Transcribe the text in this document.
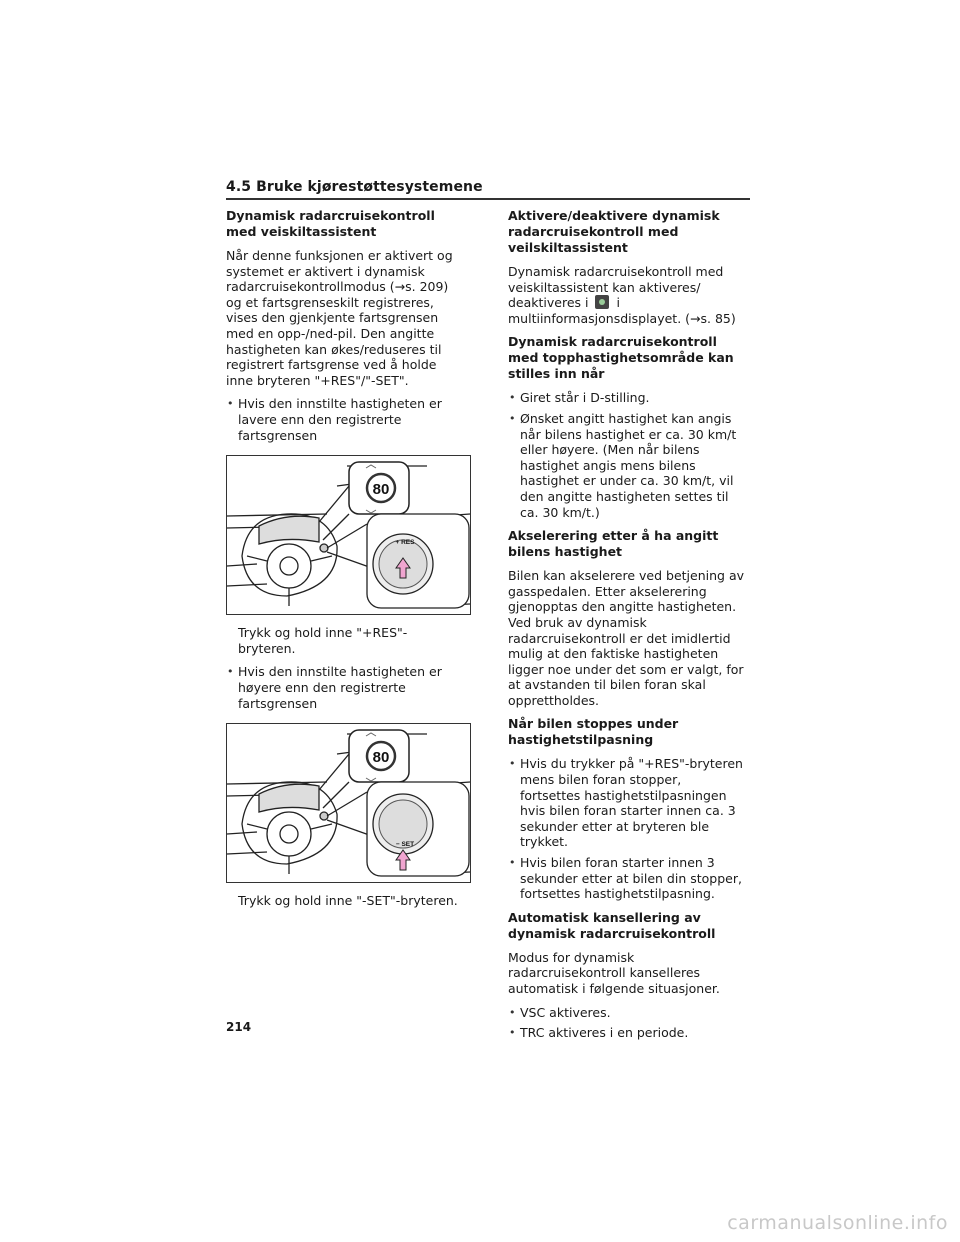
4.5 Bruke kjørestøttesystemene
Dynamisk radarcruisekontroll med veiskiltassistent

Når denne funksjonen er aktivert og systemet er aktivert i dynamisk radarcruisekontrollmodus (→s. 209) og et fartsgrenseskilt registreres, vises den gjenkjente fartsgrensen med en opp-/ned-pil. Den angitte hastigheten kan økes/reduseres til registrert fartsgrense ved å holde inne bryteren "+RES"/"-SET".

• Hvis den innstilte hastigheten er lavere enn den registrerte fartsgrensen
80
+ RES

Trykk og hold inne "+RES"-bryteren.

• Hvis den innstilte hastigheten er høyere enn den registrerte fartsgrensen
80
− SET

Trykk og hold inne "-SET"-bryteren.

Aktivere/deaktivere dynamisk radarcruisekontroll med veilskiltassistent

Dynamisk radarcruisekontroll med veiskiltassistent kan aktiveres/ deaktiveres i i multiinformasjonsdisplayet. (→s. 85)

Dynamisk radarcruisekontroll med topphastighetsområde kan stilles inn når
• Giret står i D-stilling.
• Ønsket angitt hastighet kan angis når bilens hastighet er ca. 30 km/t eller høyere. (Men når bilens hastighet angis mens bilens hastighet er under ca. 30 km/t, vil den angitte hastigheten settes til ca. 30 km/t.)
Akselerering etter å ha angitt bilens hastighet

Bilen kan akselerere ved betjening av gasspedalen. Etter akselerering gjenopptas den angitte hastigheten. Ved bruk av dynamisk radarcruisekontroll er det imidlertid mulig at den faktiske hastigheten ligger noe under det som er valgt, for at avstanden til bilen foran skal opprettholdes.

Når bilen stoppes under hastighetstilpasning
• Hvis du trykker på "+RES"-bryteren mens bilen foran stopper, fortsettes hastighetstilpasningen hvis bilen foran starter innen ca. 3 sekunder etter at bryteren ble trykket.
• Hvis bilen foran starter innen 3 sekunder etter at bilen din stopper, fortsettes hastighetstilpasning.
Automatisk kansellering av dynamisk radarcruisekontroll

Modus for dynamisk radarcruisekontroll kanselleres automatisk i følgende situasjoner.

• VSC aktiveres.
• TRC aktiveres i en periode.
214
carmanualsonline.info
